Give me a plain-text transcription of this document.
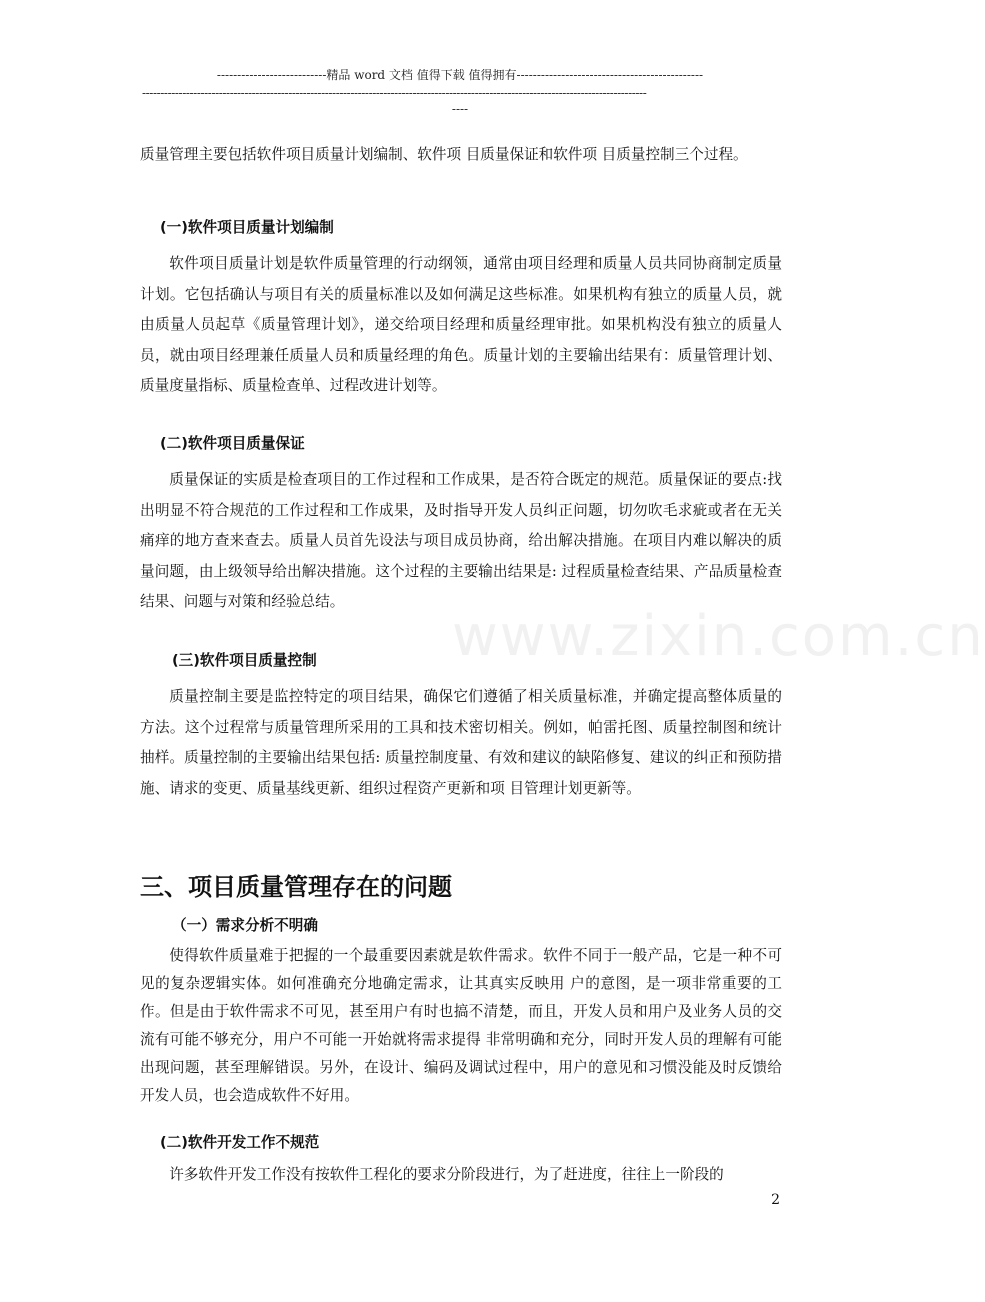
---------------------------精品 word 文档 值得下载 值得拥有----------------------------------------------
------------------------------------------------------------------------------------------------------------------------------------------
----
www.zixin.com.cn

质量管理主要包括软件项目质量计划编制、软件项 目质量保证和软件项 目质量控制三个过程。

(一)软件项目质量计划编制

软件项目质量计划是软件质量管理的行动纲领，通常由项目经理和质量人员共同协商制定质量计划。它包括确认与项目有关的质量标准以及如何满足这些标准。如果机构有独立的质量人员，就由质量人员起草《质量管理计划》，递交给项目经理和质量经理审批。如果机构没有独立的质量人员，就由项目经理兼任质量人员和质量经理的角色。质量计划的主要输出结果有：质量管理计划、质量度量指标、质量检查单、过程改进计划等。

(二)软件项目质量保证

质量保证的实质是检查项目的工作过程和工作成果，是否符合既定的规范。质量保证的要点:找出明显不符合规范的工作过程和工作成果，及时指导开发人员纠正问题，切勿吹毛求疵或者在无关痛痒的地方查来查去。质量人员首先设法与项目成员协商，给出解决措施。在项目内难以解决的质量问题，由上级领导给出解决措施。这个过程的主要输出结果是: 过程质量检查结果、产品质量检查结果、问题与对策和经验总结。

(三)软件项目质量控制

质量控制主要是监控特定的项目结果，确保它们遵循了相关质量标准，并确定提高整体质量的方法。这个过程常与质量管理所采用的工具和技术密切相关。例如，帕雷托图、质量控制图和统计抽样。质量控制的主要输出结果包括: 质量控制度量、有效和建议的缺陷修复、建议的纠正和预防措施、请求的变更、质量基线更新、组织过程资产更新和项 目管理计划更新等。

三、项目质量管理存在的问题
（一）需求分析不明确

使得软件质量难于把握的一个最重要因素就是软件需求。软件不同于一般产品，它是一种不可见的复杂逻辑实体。如何准确充分地确定需求，让其真实反映用 户的意图，是一项非常重要的工作。但是由于软件需求不可见，甚至用户有时也搞不清楚，而且，开发人员和用户及业务人员的交流有可能不够充分，用户不可能一开始就将需求提得 非常明确和充分，同时开发人员的理解有可能出现问题，甚至理解错误。另外，在设计、编码及调试过程中，用户的意见和习惯没能及时反馈给开发人员，也会造成软件不好用。

(二)软件开发工作不规范

许多软件开发工作没有按软件工程化的要求分阶段进行，为了赶进度，往往上一阶段的

2
